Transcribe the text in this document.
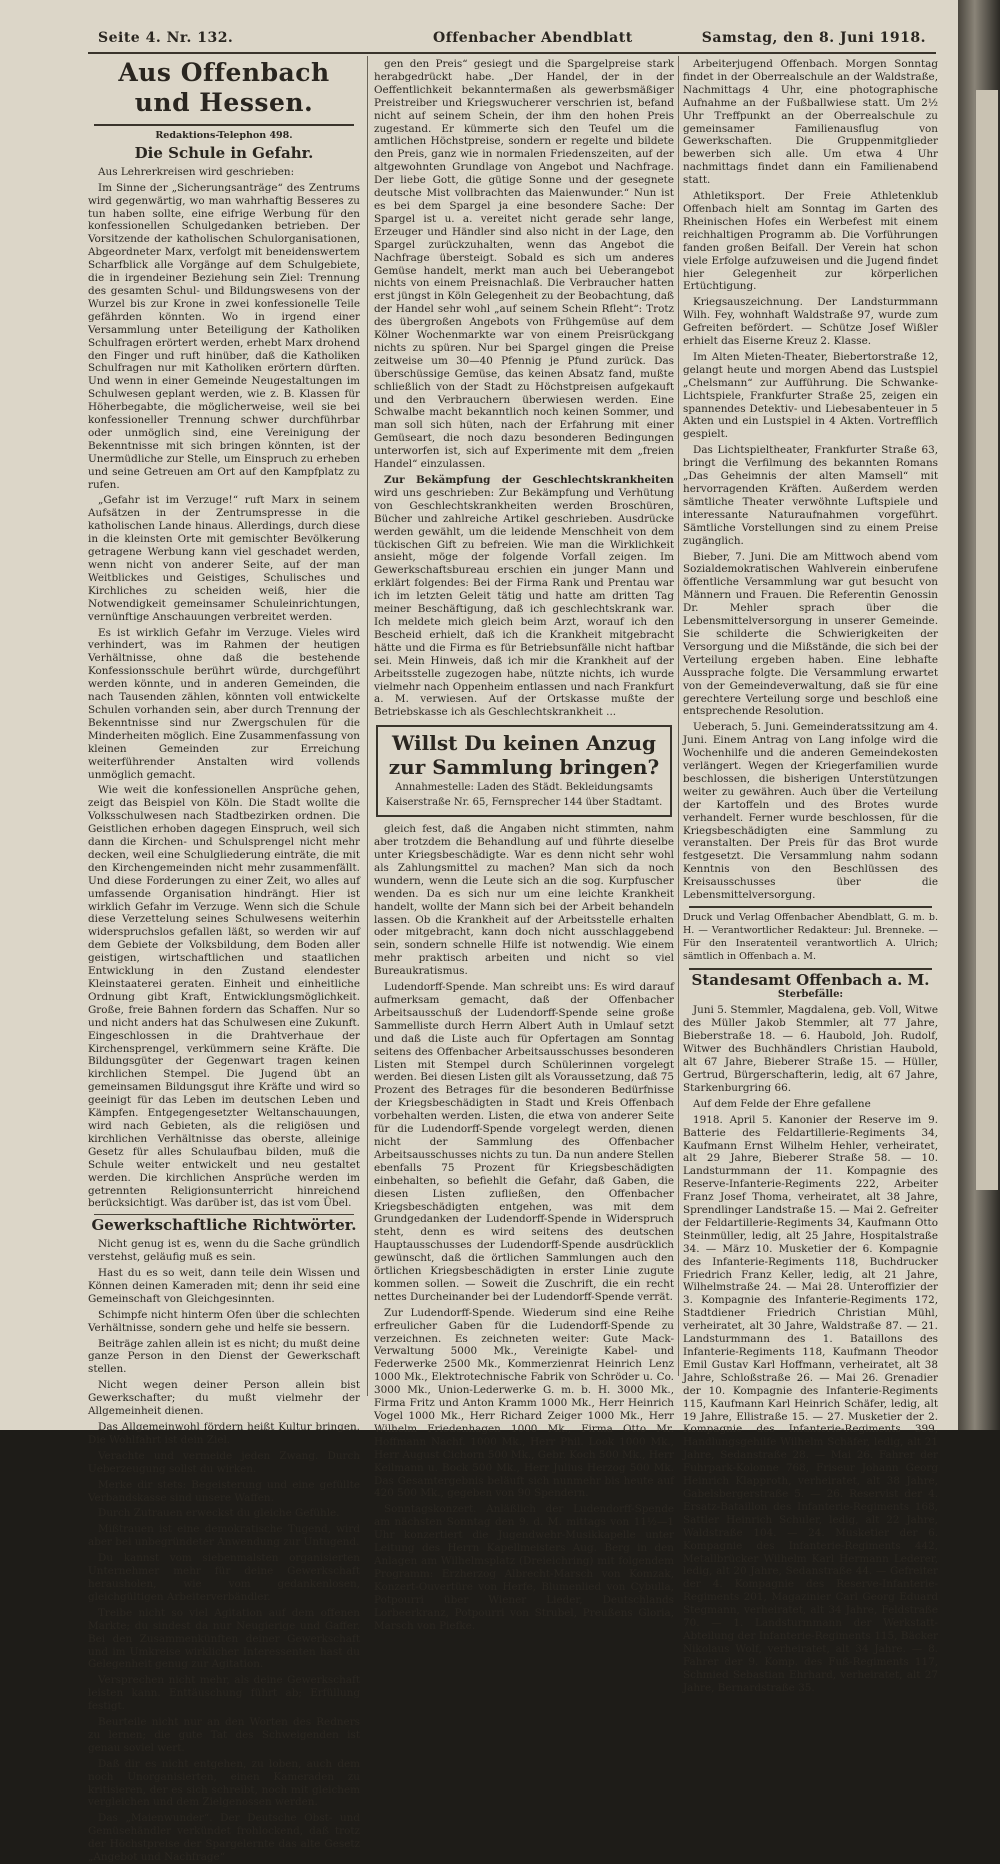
Seite 4. Nr. 132.	Offenbacher Abendblatt	Samstag, den 8. Juni 1918.
Aus Offenbach und Hessen.
Redaktions-Telephon 498.
Die Schule in Gefahr.

Aus Lehrerkreisen wird geschrieben:

Im Sinne der „Sicherungsanträge“ des Zentrums wird gegenwärtig, wo man wahrhaftig Besseres zu tun haben sollte, eine eifrige Werbung für den konfessionellen Schulgedanken betrieben. Der Vorsitzende der katholischen Schulorganisationen, Abgeordneter Marx, verfolgt mit beneidenswertem Scharfblick alle Vorgänge auf dem Schulgebiete, die in irgendeiner Beziehung sein Ziel: Trennung des gesamten Schul- und Bildungswesens von der Wurzel bis zur Krone in zwei konfessionelle Teile gefährden könnten. Wo in irgend einer Versammlung unter Beteiligung der Katholiken Schulfragen erörtert werden, erhebt Marx drohend den Finger und ruft hinüber, daß die Katholiken Schulfragen nur mit Katholiken erörtern dürften. Und wenn in einer Gemeinde Neugestaltungen im Schulwesen geplant werden, wie z. B. Klassen für Höherbegabte, die möglicherweise, weil sie bei konfessioneller Trennung schwer durchführbar oder unmöglich sind, eine Vereinigung der Bekenntnisse mit sich bringen könnten, ist der Unermüdliche zur Stelle, um Einspruch zu erheben und seine Getreuen am Ort auf den Kampfplatz zu rufen.

„Gefahr ist im Verzuge!“ ruft Marx in seinem Aufsätzen in der Zentrumspresse in die katholischen Lande hinaus. Allerdings, durch diese in die kleinsten Orte mit gemischter Bevölkerung getragene Werbung kann viel geschadet werden, wenn nicht von anderer Seite, auf der man Weitblickes und Geistiges, Schulisches und Kirchliches zu scheiden weiß, hier die Notwendigkeit gemeinsamer Schuleinrichtungen, vernünftige Anschauungen verbreitet werden.

Es ist wirklich Gefahr im Verzuge. Vieles wird verhindert, was im Rahmen der heutigen Verhältnisse, ohne daß die bestehende Konfessionsschule berührt würde, durchgeführt werden könnte, und in anderen Gemeinden, die nach Tausenden zählen, könnten voll entwickelte Schulen vorhanden sein, aber durch Trennung der Bekenntnisse sind nur Zwergschulen für die Minderheiten möglich. Eine Zusammenfassung von kleinen Gemeinden zur Erreichung weiterführender Anstalten wird vollends unmöglich gemacht.

Wie weit die konfessionellen Ansprüche gehen, zeigt das Beispiel von Köln. Die Stadt wollte die Volksschulwesen nach Stadtbezirken ordnen. Die Geistlichen erhoben dagegen Einspruch, weil sich dann die Kirchen- und Schulsprengel nicht mehr decken, weil eine Schulgliederung einträte, die mit den Kirchengemeinden nicht mehr zusammenfällt. Und diese Forderungen zu einer Zeit, wo alles auf umfassende Organisation hindrängt. Hier ist wirklich Gefahr im Verzuge. Wenn sich die Schule diese Verzettelung seines Schulwesens weiterhin widerspruchslos gefallen läßt, so werden wir auf dem Gebiete der Volksbildung, dem Boden aller geistigen, wirtschaftlichen und staatlichen Entwicklung in den Zustand elendester Kleinstaaterei geraten. Einheit und einheitliche Ordnung gibt Kraft, Entwicklungsmöglichkeit. Große, freie Bahnen fordern das Schaffen. Nur so und nicht anders hat das Schulwesen eine Zukunft. Eingeschlossen in die Drahtverhaue der Kirchensprengel, verkümmern seine Kräfte. Die Bildungsgüter der Gegenwart tragen keinen kirchlichen Stempel. Die Jugend übt an gemeinsamen Bildungsgut ihre Kräfte und wird so geeinigt für das Leben im deutschen Leben und Kämpfen. Entgegengesetzter Weltanschauungen, wird nach Gebieten, als die religiösen und kirchlichen Verhältnisse das oberste, alleinige Gesetz für alles Schulaufbau bilden, muß die Schule weiter entwickelt und neu gestaltet werden. Die kirchlichen Ansprüche werden im getrennten Religionsunterricht hinreichend berücksichtigt. Was darüber ist, das ist vom Übel.

Gewerkschaftliche Richtwörter.

Nicht genug ist es, wenn du die Sache gründlich verstehst, geläufig muß es sein.

Hast du es so weit, dann teile dein Wissen und Können deinen Kameraden mit; denn ihr seid eine Gemeinschaft von Gleichgesinnten.

Schimpfe nicht hinterm Ofen über die schlechten Verhältnisse, sondern gehe und helfe sie bessern.

Beiträge zahlen allein ist es nicht; du mußt deine ganze Person in den Dienst der Gewerkschaft stellen.

Nicht wegen deiner Person allein bist Gewerkschafter; du mußt vielmehr der Allgemeinheit dienen.

Das Allgemeinwohl fördern heißt Kultur bringen. Die Wohlfahrt ist dein Ziel.

Verachte und vermeide jeden Zwang. Durch Ueberzeugung sollst du wirken.

Merke dir stets: Begeisterung und eine gefüllte Verbandskasse sind unsere Waffen.

Durch Zutrauen erweckst du gleiche Gefühle.

Mißtrauen ist eine demokratische Tugend, wird aber bei unbegründeter Anwendung zur Untugend.

Du kannst vom siebenmalsten organisierten Unternehmer mehr für deine Gewerkschaft herausholen, wie vom gedankenlosen, gleichgültigen Arbeiterverbändler.

Treibe nicht so viel Agitation auf dem offenen Markte; du sindest da nur Neugierige und Gaffer. Bei den Zusammenkünften deiner Gewerkschaft und im Umkreise wirklicher Interessenten hast du Gelegenheit genug zur Agitation.

Versprechen nicht mehr, als deine Gewerkschaft leisten kann. Enttäuschung führt ab; Erfüllung festigt.

Beurteile nicht nur an den Worten des Redners zu lernen; die gute Tat des Schweigenden ist genau soviel wert.

Daß dir es nicht entgehen, zu loben, auch dem noch Unorganisierten, einen Kameraden zu kritisieren, der es sich schreibt, noch mit gleichem vergleichen und dem Zielgenossen werden.

Das „Maienwunder“. Der Deutsche Obst- und Gemüsehändler verkündet frohlockend, daß trotz der Höchstpreise der Spargelernte das alte Gesetz „Angebot und Nachfrage“

gen den Preis“ gesiegt und die Spargelpreise stark herabgedrückt habe. „Der Handel, der in der Oeffentlichkeit bekanntermaßen als gewerbsmäßiger Preistreiber und Kriegswucherer verschrien ist, befand nicht auf seinem Schein, der ihm den hohen Preis zugestand. Er kümmerte sich den Teufel um die amtlichen Höchstpreise, sondern er regelte und bildete den Preis, ganz wie in normalen Friedenszeiten, auf der altgewohnten Grundlage von Angebot und Nachfrage. Der liebe Gott, die gütige Sonne und der gesegnete deutsche Mist vollbrachten das Maienwunder.“ Nun ist es bei dem Spargel ja eine besondere Sache: Der Spargel ist u. a. vereitet nicht gerade sehr lange, Erzeuger und Händler sind also nicht in der Lage, den Spargel zurückzuhalten, wenn das Angebot die Nachfrage übersteigt. Sobald es sich um anderes Gemüse handelt, merkt man auch bei Ueberangebot nichts von einem Preisnachlaß. Die Verbraucher hatten erst jüngst in Köln Gelegenheit zu der Beobachtung, daß der Handel sehr wohl „auf seinem Schein Rfleht“: Trotz des übergroßen Angebots von Frühgemüse auf dem Kölner Wochenmarkte war von einem Preisrückgang nichts zu spüren. Nur bei Spargel gingen die Preise zeitweise um 30—40 Pfennig je Pfund zurück. Das überschüssige Gemüse, das keinen Absatz fand, mußte schließlich von der Stadt zu Höchstpreisen aufgekauft und den Verbrauchern überwiesen werden. Eine Schwalbe macht bekanntlich noch keinen Sommer, und man soll sich hüten, nach der Erfahrung mit einer Gemüseart, die noch dazu besonderen Bedingungen unterworfen ist, sich auf Experimente mit dem „freien Handel“ einzulassen.

Zur Bekämpfung der Geschlechtskrankheiten wird uns geschrieben: Zur Bekämpfung und Verhütung von Geschlechtskrankheiten werden Broschüren, Bücher und zahlreiche Artikel geschrieben. Ausdrücke werden gewählt, um die leidende Menschheit von dem tückischen Gift zu befreien. Wie man die Wirklichkeit ansieht, möge der folgende Vorfall zeigen. Im Gewerkschaftsbureau erschien ein junger Mann und erklärt folgendes: Bei der Firma Rank und Prentau war ich im letzten Geleit tätig und hatte am dritten Tag meiner Beschäftigung, daß ich geschlechtskrank war. Ich meldete mich gleich beim Arzt, worauf ich den Bescheid erhielt, daß ich die Krankheit mitgebracht hätte und die Firma es für Betriebsunfälle nicht haftbar sei. Mein Hinweis, daß ich mir die Krankheit auf der Arbeitsstelle zugezogen habe, nützte nichts, ich wurde vielmehr nach Oppenheim entlassen und nach Frankfurt a. M. verwiesen. Auf der Ortskasse mußte der Betriebskasse ich als Geschlechtskrankheit ...

Willst Du keinen Anzug
zur Sammlung bringen?
Annahmestelle: Laden des Städt. Bekleidungsamts
Kaiserstraße Nr. 65, Fernsprecher 144 über Stadtamt.

gleich fest, daß die Angaben nicht stimmten, nahm aber trotzdem die Behandlung auf und führte dieselbe unter Kriegsbeschädigte. War es denn nicht sehr wohl als Zahlungsmittel zu machen? Man sich da noch wundern, wenn die Leute sich an die sog. Kurpfuscher wenden. Da es sich nur um eine leichte Krankheit handelt, wollte der Mann sich bei der Arbeit behandeln lassen. Ob die Krankheit auf der Arbeitsstelle erhalten oder mitgebracht, kann doch nicht ausschlaggebend sein, sondern schnelle Hilfe ist notwendig. Wie einem mehr praktisch arbeiten und nicht so viel Bureaukratismus.

Ludendorff-Spende. Man schreibt uns: Es wird darauf aufmerksam gemacht, daß der Offenbacher Arbeitsausschuß der Ludendorff-Spende seine große Sammelliste durch Herrn Albert Auth in Umlauf setzt und daß die Liste auch für Opfertagen am Sonntag seitens des Offenbacher Arbeitsausschusses besonderen Listen mit Stempel durch Schülerinnen vorgelegt werden. Bei diesen Listen gilt als Voraussetzung, daß 75 Prozent des Betrages für die besonderen Bedürfnisse der Kriegsbeschädigten in Stadt und Kreis Offenbach vorbehalten werden. Listen, die etwa von anderer Seite für die Ludendorff-Spende vorgelegt werden, dienen nicht der Sammlung des Offenbacher Arbeitsausschusses nichts zu tun. Da nun andere Stellen ebenfalls 75 Prozent für Kriegsbeschädigten einbehalten, so befiehlt die Gefahr, daß Gaben, die diesen Listen zufließen, den Offenbacher Kriegsbeschädigten entgehen, was mit dem Grundgedanken der Ludendorff-Spende in Widerspruch steht, denn es wird seitens des deutschen Hauptausschusses der Ludendorff-Spende ausdrücklich gewünscht, daß die örtlichen Sammlungen auch den örtlichen Kriegsbeschädigten in erster Linie zugute kommen sollen. — Soweit die Zuschrift, die ein recht nettes Durcheinander bei der Ludendorff-Spende verrät.

Zur Ludendorff-Spende. Wiederum sind eine Reihe erfreulicher Gaben für die Ludendorff-Spende zu verzeichnen. Es zeichneten weiter: Gute Mack-Verwaltung 5000 Mk., Vereinigte Kabel- und Federwerke 2500 Mk., Kommerzienrat Heinrich Lenz 1000 Mk., Elektrotechnische Fabrik von Schröder u. Co. 3000 Mk., Union-Lederwerke G. m. b. H. 3000 Mk., Firma Fritz und Anton Kramm 1000 Mk., Herr Heinrich Vogel 1000 Mk., Herr Richard Zeiger 1000 Mk., Herr Wilhelm Friedenhagen 1000 Mk., Firma Otto Mr. Hoffmann Nachf. 1000 Mk., Herr Phil. Look 1000 Mk., Herr August Cichorn 500 Mk., Gebr. Koch 500 Mk., Herr Keilmann u. Bock 500 Mk., Herr Julius Herzog 500 Mk. Das Gesamtergebnis beläuft sich nunmehr bis heute auf 420 500 Mk., gegeben von 90 Spendern.

Sonntagskonzert. Anläßlich der Ludendorff-Spende am nächsten Sonntag den 9. d. M. mittags von 11½—1 Uhr konzertiert die Jugendwehr-Musikkapelle unter Leitung des Herrn Kapellmeisters Aug. Berg in den Anlagen am Wilhelmsplatz (Dreieichring) mit folgendem Programm: Erzherzog Albrecht-Marsch von Komzak, Konzert-Ouvertüre von Herfe, Blumenlied von Cybulla, Potpourri über Wiener Lieder, Deutschlands Lorbeerkranz, Potpourri von Strubel, Preußens Gloria, Marsch von Piefke.

Arbeiterjugend Offenbach. Morgen Sonntag findet in der Oberrealschule an der Waldstraße, Nachmittags 4 Uhr, eine photographische Aufnahme an der Fußballwiese statt. Um 2½ Uhr Treffpunkt an der Oberrealschule zu gemeinsamer Familienausflug von Gewerkschaften. Die Gruppenmitglieder bewerben sich alle. Um etwa 4 Uhr nachmittags findet dann ein Familienabend statt.

Athletiksport. Der Freie Athletenklub Offenbach hielt am Sonntag im Garten des Rheinischen Hofes ein Werbefest mit einem reichhaltigen Programm ab. Die Vorführungen fanden großen Beifall. Der Verein hat schon viele Erfolge aufzuweisen und die Jugend findet hier Gelegenheit zur körperlichen Ertüchtigung.

Kriegsauszeichnung. Der Landsturmmann Wilh. Fey, wohnhaft Waldstraße 97, wurde zum Gefreiten befördert. — Schütze Josef Wißler erhielt das Eiserne Kreuz 2. Klasse.

Im Alten Mieten-Theater, Biebertorstraße 12, gelangt heute und morgen Abend das Lustspiel „Chelsmann“ zur Aufführung. Die Schwanke-Lichtspiele, Frankfurter Straße 25, zeigen ein spannendes Detektiv- und Liebesabenteuer in 5 Akten und ein Lustspiel in 4 Akten. Vortrefflich gespielt.

Das Lichtspieltheater, Frankfurter Straße 63, bringt die Verfilmung des bekannten Romans „Das Geheimnis der alten Mamsell“ mit hervorragenden Kräften. Außerdem werden sämtliche Theater verwöhnte Luftspiele und interessante Naturaufnahmen vorgeführt. Sämtliche Vorstellungen sind zu einem Preise zugänglich.

Bieber, 7. Juni. Die am Mittwoch abend vom Sozialdemokratischen Wahlverein einberufene öffentliche Versammlung war gut besucht von Männern und Frauen. Die Referentin Genossin Dr. Mehler sprach über die Lebensmittelversorgung in unserer Gemeinde. Sie schilderte die Schwierigkeiten der Versorgung und die Mißstände, die sich bei der Verteilung ergeben haben. Eine lebhafte Aussprache folgte. Die Versammlung erwartet von der Gemeindeverwaltung, daß sie für eine gerechtere Verteilung sorge und beschloß eine entsprechende Resolution.

Ueberach, 5. Juni. Gemeinderatssitzung am 4. Juni. Einem Antrag von Lang infolge wird die Wochenhilfe und die anderen Gemeindekosten verlängert. Wegen der Kriegerfamilien wurde beschlossen, die bisherigen Unterstützungen weiter zu gewähren. Auch über die Verteilung der Kartoffeln und des Brotes wurde verhandelt. Ferner wurde beschlossen, für die Kriegsbeschädigten eine Sammlung zu veranstalten. Der Preis für das Brot wurde festgesetzt. Die Versammlung nahm sodann Kenntnis von den Beschlüssen des Kreisausschusses über die Lebensmittelversorgung.

Druck und Verlag Offenbacher Abendblatt, G. m. b. H. — Verantwortlicher Redakteur: Jul. Brenneke. — Für den Inseratenteil verantwortlich A. Ulrich; sämtlich in Offenbach a. M.

Standesamt Offenbach a. M.
Sterbefälle:

Juni 5. Stemmler, Magdalena, geb. Voll, Witwe des Müller Jakob Stemmler, alt 77 Jahre, Bieberstraße 18. — 6. Haubold, Joh. Rudolf, Witwer des Buchhändlers Christian Haubold, alt 67 Jahre, Bieberer Straße 15. — Hüller, Gertrud, Bürgerschafterin, ledig, alt 67 Jahre, Starkenburgring 66.

Auf dem Felde der Ehre gefallene

1918. April 5. Kanonier der Reserve im 9. Batterie des Feldartillerie-Regiments 34, Kaufmann Ernst Wilhelm Hehler, verheiratet, alt 29 Jahre, Bieberer Straße 58. — 10. Landsturmmann der 11. Kompagnie des Reserve-Infanterie-Regiments 222, Arbeiter Franz Josef Thoma, verheiratet, alt 38 Jahre, Sprendlinger Landstraße 15. — Mai 2. Gefreiter der Feldartillerie-Regiments 34, Kaufmann Otto Steinmüller, ledig, alt 25 Jahre, Hospitalstraße 34. — März 10. Musketier der 6. Kompagnie des Infanterie-Regiments 118, Buchdrucker Friedrich Franz Keller, ledig, alt 21 Jahre, Wilhelmstraße 24. — Mai 28. Unteroffizier der 3. Kompagnie des Infanterie-Regiments 172, Stadtdiener Friedrich Christian Mühl, verheiratet, alt 30 Jahre, Waldstraße 87. — 21. Landsturmmann des 1. Bataillons des Infanterie-Regiments 118, Kaufmann Theodor Emil Gustav Karl Hoffmann, verheiratet, alt 38 Jahre, Schloßstraße 26. — Mai 26. Grenadier der 10. Kompagnie des Infanterie-Regiments 115, Kaufmann Karl Heinrich Schäfer, ledig, alt 19 Jahre, Ellistraße 15. — 27. Musketier der 2. Kompagnie des Infanterie-Regiments 399, Handlungsgehilfe Wilhelm Schäfer, ledig, alt 21 Jahre, Sedanstraße 28. — Mai 26. Fahrer der Fuhrpark-Kolonne 768, Friseur Johann Georg Heinrich Klapproth, verheiratet, alt 38 Jahre, Gabelsbergerstraße 5. — 26. Reservist der 4. Ersatz-Bataillon des Infanterie-Regiments 168, Sattler Heinrich Schuler, ledig, alt 22 Jahre, Waldstraße 104. — 24. Musketier der 6. Kompagnie des Infanterie-Regiments 442, Metallbrücker Wilhelm Karl Hermann Lederer, ledig, alt 20 Jahre, Sedanstraße 44. — Gefreiter der 4. Kompagnie des Reserve-Infanterie-Regiments 201, Magazinier Carl Georg Eduard Stegmann, verheiratet, alt 34 Jahre, Feldstraße 70. — 1. Landsturmmann der Werkstatt-Abteilung der Infanterie-Regiments 115, Bäcker Nikolaus Wolf, verheiratet, alt 34 Jahre. — 8. Fahrer der 9. Komp. des Fuß-Regiments 117, Schmied Sebastian Ehrhard, verheiratet, alt 27 Jahre, Bernardstraße 35.
